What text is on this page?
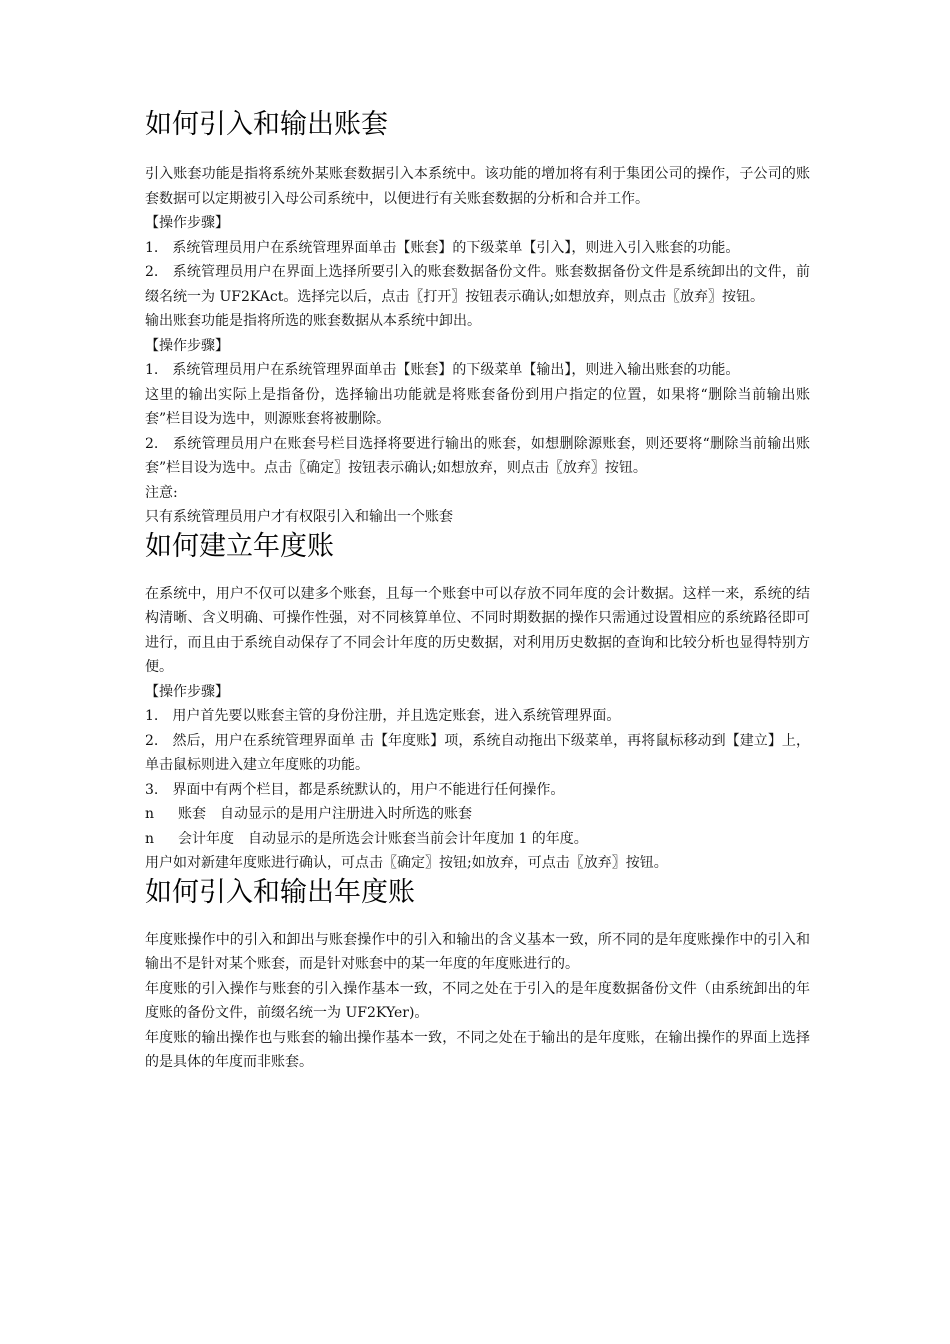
如何引入和输出账套

引入账套功能是指将系统外某账套数据引入本系统中。该功能的增加将有利于集团公司的操作，子公司的账套数据可以定期被引入母公司系统中，以便进行有关账套数据的分析和合并工作。

【操作步骤】

1.　系统管理员用户在系统管理界面单击【账套】的下级菜单【引入】，则进入引入账套的功能。

2.　系统管理员用户在界面上选择所要引入的账套数据备份文件。账套数据备份文件是系统卸出的文件，前缀名统一为 UF2KAct。选择完以后，点击〖打开〗按钮表示确认;如想放弃，则点击〖放弃〗按钮。

输出账套功能是指将所选的账套数据从本系统中卸出。

【操作步骤】

1.　系统管理员用户在系统管理界面单击【账套】的下级菜单【输出】，则进入输出账套的功能。

这里的输出实际上是指备份，选择输出功能就是将账套备份到用户指定的位置，如果将“删除当前输出账套”栏目设为选中，则源账套将被删除。

2.　系统管理员用户在账套号栏目选择将要进行输出的账套，如想删除源账套，则还要将“删除当前输出账套”栏目设为选中。点击〖确定〗按钮表示确认;如想放弃，则点击〖放弃〗按钮。

注意:

只有系统管理员用户才有权限引入和输出一个账套

如何建立年度账

在系统中，用户不仅可以建多个账套，且每一个账套中可以存放不同年度的会计数据。这样一来，系统的结构清晰、含义明确、可操作性强，对不同核算单位、不同时期数据的操作只需通过设置相应的系统路径即可进行，而且由于系统自动保存了不同会计年度的历史数据，对利用历史数据的查询和比较分析也显得特别方便。

【操作步骤】

1.　用户首先要以账套主管的身份注册，并且选定账套，进入系统管理界面。

2.　然后，用户在系统管理界面单 击【年度账】项，系统自动拖出下级菜单，再将鼠标移动到【建立】上，单击鼠标则进入建立年度账的功能。

3.　界面中有两个栏目，都是系统默认的，用户不能进行任何操作。

n	账套　自动显示的是用户注册进入时所选的账套
n	会计年度　自动显示的是所选会计账套当前会计年度加 1 的年度。

用户如对新建年度账进行确认，可点击〖确定〗按钮;如放弃，可点击〖放弃〗按钮。

如何引入和输出年度账

年度账操作中的引入和卸出与账套操作中的引入和输出的含义基本一致，所不同的是年度账操作中的引入和输出不是针对某个账套，而是针对账套中的某一年度的年度账进行的。

年度账的引入操作与账套的引入操作基本一致，不同之处在于引入的是年度数据备份文件（由系统卸出的年度账的备份文件，前缀名统一为 UF2KYer)。

年度账的输出操作也与账套的输出操作基本一致，不同之处在于输出的是年度账，在输出操作的界面上选择的是具体的年度而非账套。
